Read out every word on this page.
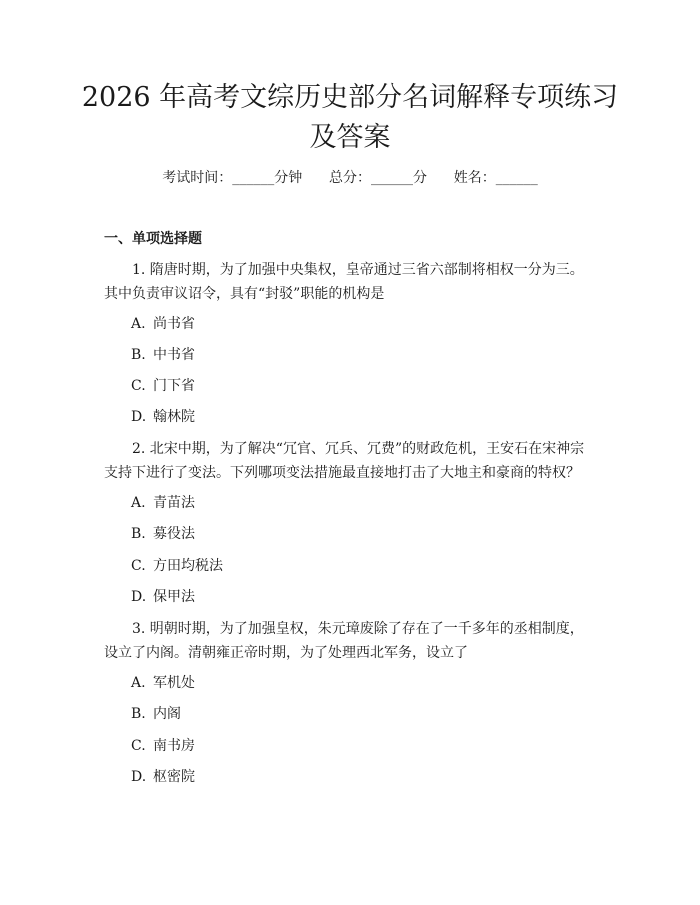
2026 年高考文综历史部分名词解释专项练习
及答案
考试时间：______分钟      总分：______分      姓名：______
一、单项选择题

1. 隋唐时期，为了加强中央集权，皇帝通过三省六部制将相权一分为三。其中负责审议诏令，具有“封驳”职能的机构是

A. 尚书省
B. 中书省
C. 门下省
D. 翰林院

2. 北宋中期，为了解决“冗官、冗兵、冗费”的财政危机，王安石在宋神宗支持下进行了变法。下列哪项变法措施最直接地打击了大地主和豪商的特权？

A. 青苗法
B. 募役法
C. 方田均税法
D. 保甲法

3. 明朝时期，为了加强皇权，朱元璋废除了存在了一千多年的丞相制度，设立了内阁。清朝雍正帝时期，为了处理西北军务，设立了

A. 军机处
B. 内阁
C. 南书房
D. 枢密院
